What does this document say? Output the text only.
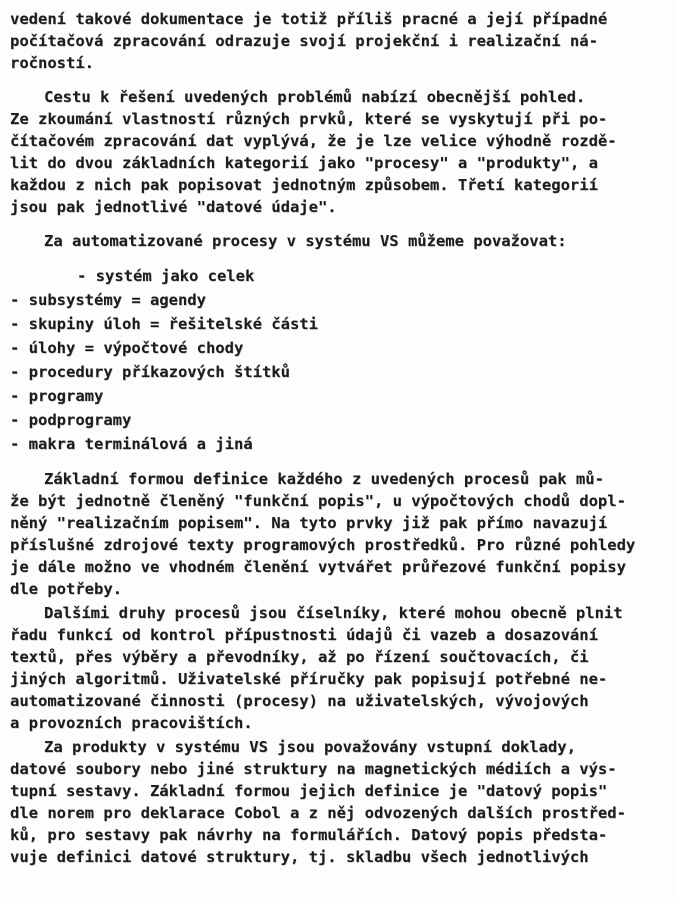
vedení takové dokumentace je totiž příliš pracné a její případné
počítačová zpracování odrazuje svojí projekční i realizační ná-
ročností.
Cestu k řešení uvedených problémů nabízí obecnější pohled.
Ze zkoumání vlastností různých prvků, které se vyskytují při po-
čítačovém zpracování dat vyplývá, že je lze velice výhodně rozdě-
lit do dvou základních kategorií jako "procesy" a "produkty", a
každou z nich pak popisovat jednotným způsobem. Třetí kategorií
jsou pak jednotlivé "datové údaje".
Za automatizované procesy v systému VS můžeme považovat:
- systém jako celek
- subsystémy = agendy
- skupiny úloh = řešitelské části
- úlohy = výpočtové chody
- procedury příkazových štítků
- programy
- podprogramy
- makra terminálová a jiná
Základní formou definice každého z uvedených procesů pak mů-
že být jednotně členěný "funkční popis", u výpočtových chodů dopl-
něný "realizačním popisem". Na tyto prvky již pak přímo navazují
příslušné zdrojové texty programových prostředků. Pro různé pohledy
je dále možno ve vhodném členění vytvářet průřezové funkční popisy
dle potřeby.
Dalšími druhy procesů jsou číselníky, které mohou obecně plnit
řadu funkcí od kontrol přípustnosti údajů či vazeb a dosazování
textů, přes výběry a převodníky, až po řízení součtovacích, či
jiných algoritmů. Uživatelské příručky pak popisují potřebné ne-
automatizované činnosti (procesy) na uživatelských, vývojových
a provozních pracovištích.
Za produkty v systému VS jsou považovány vstupní doklady,
datové soubory nebo jiné struktury na magnetických médiích a výs-
tupní sestavy. Základní formou jejich definice je "datový popis"
dle norem pro deklarace Cobol a z něj odvozených dalších prostřed-
ků, pro sestavy pak návrhy na formulářích. Datový popis předsta-
vuje definici datové struktury, tj. skladbu všech jednotlivých
